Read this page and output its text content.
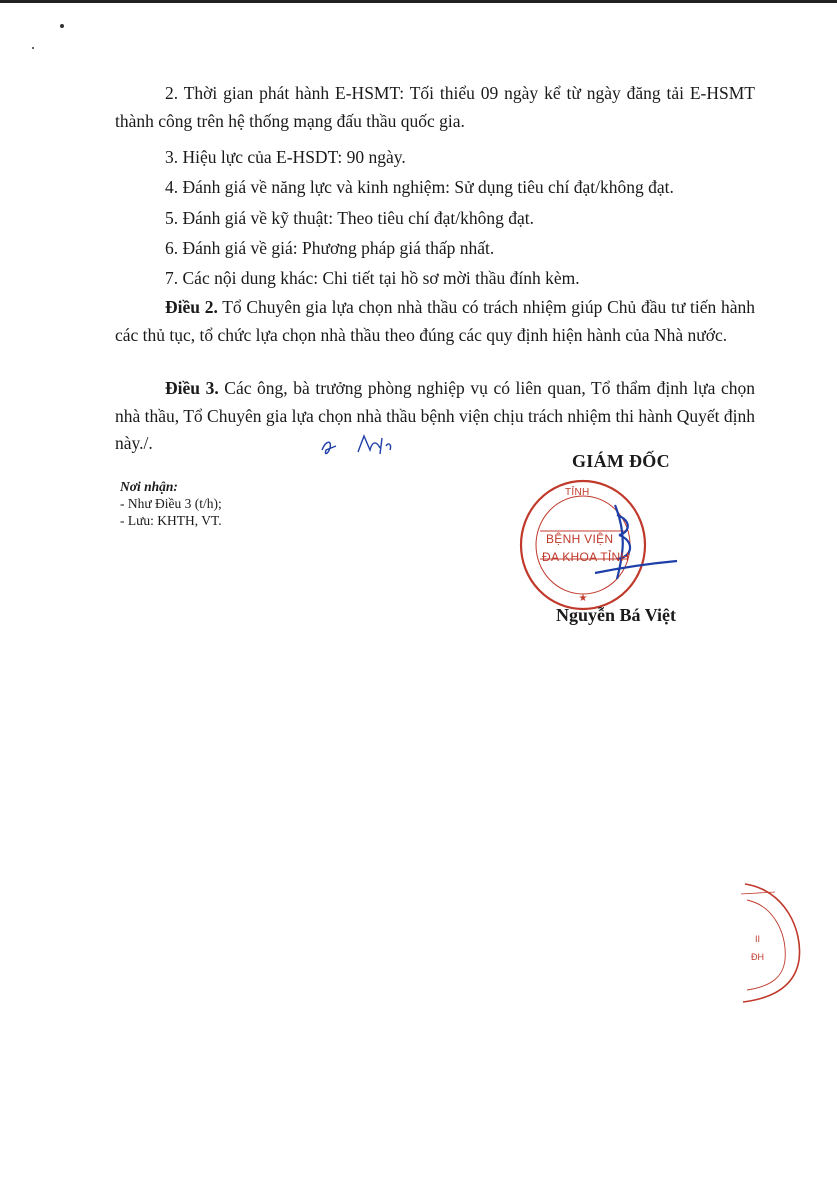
2. Thời gian phát hành E-HSMT: Tối thiểu 09 ngày kể từ ngày đăng tải E-HSMT thành công trên hệ thống mạng đấu thầu quốc gia.

3. Hiệu lực của E-HSDT: 90 ngày.

4. Đánh giá về năng lực và kinh nghiệm: Sử dụng tiêu chí đạt/không đạt.

5. Đánh giá về kỹ thuật: Theo tiêu chí đạt/không đạt.

6. Đánh giá về giá: Phương pháp giá thấp nhất.

7. Các nội dung khác: Chi tiết tại hồ sơ mời thầu đính kèm.

Điều 2. Tổ Chuyên gia lựa chọn nhà thầu có trách nhiệm giúp Chủ đầu tư tiến hành các thủ tục, tổ chức lựa chọn nhà thầu theo đúng các quy định hiện hành của Nhà nước.

Điều 3. Các ông, bà trưởng phòng nghiệp vụ có liên quan, Tổ thẩm định lựa chọn nhà thầu, Tổ Chuyên gia lựa chọn nhà thầu bệnh viện chịu trách nhiệm thi hành Quyết định này./.

Nơi nhận:
- Như Điều 3 (t/h);
- Lưu: KHTH, VT.
GIÁM ĐỐC
★
TỈNH
BỆNH VIỆN
ĐA KHOA TỈNH
Nguyễn Bá Việt
II
ĐH
